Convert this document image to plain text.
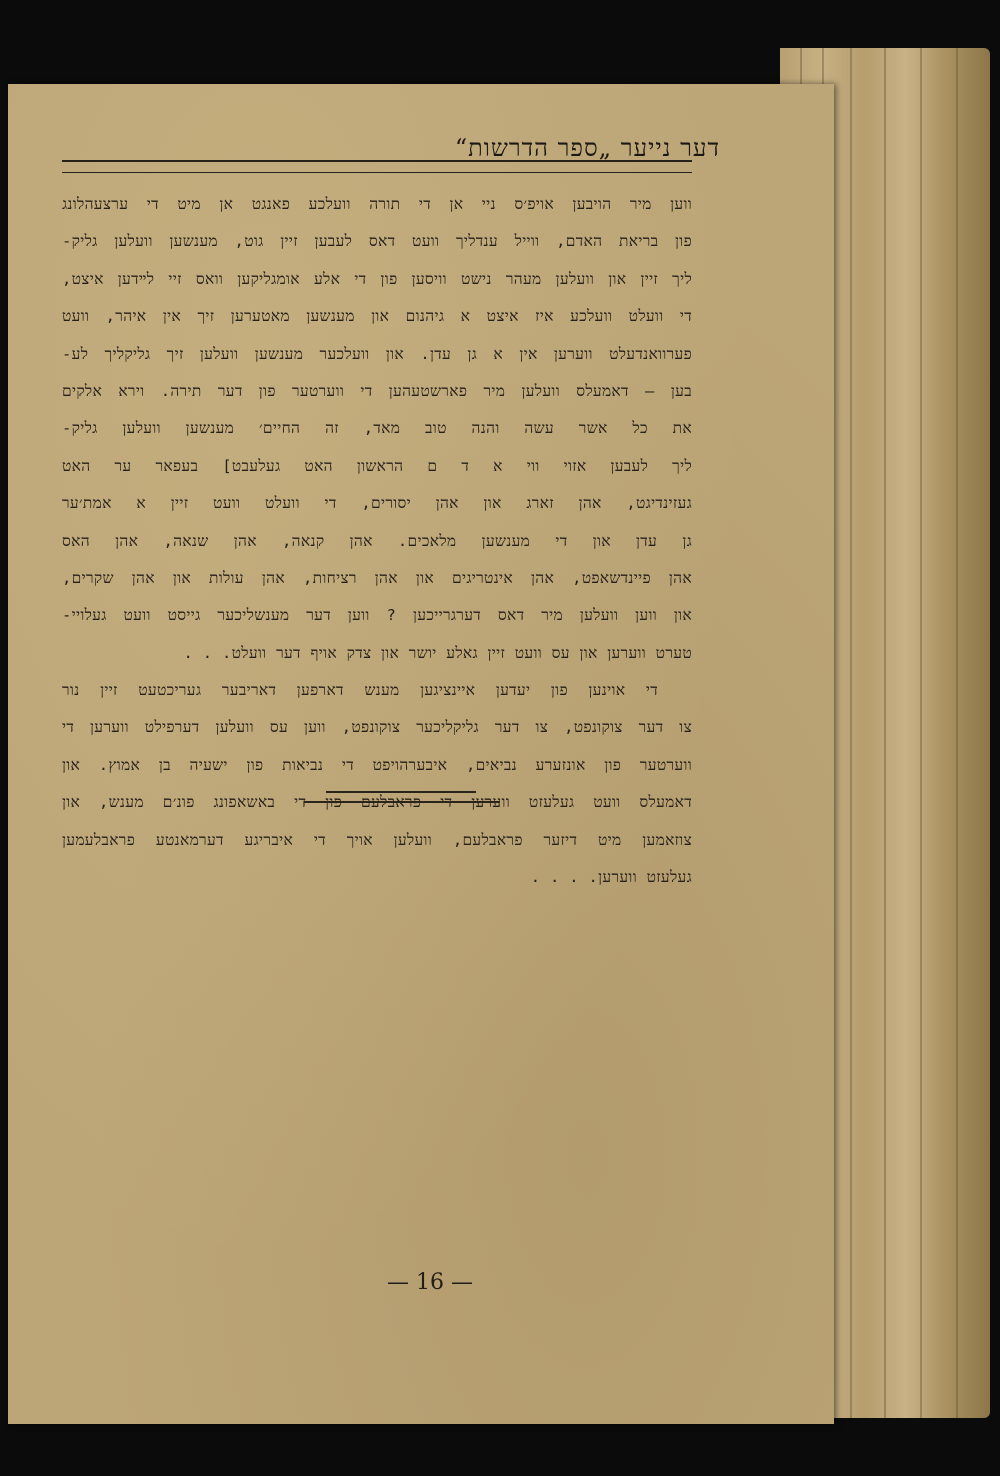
דער נייער „ספר הדרשות“
ווען מיר הויבען אויפ׳ס ניי אן די תורה וועלכע פאנגט אן מיט די ערצעהלונג
פון בריאת האדם, ווייל ענדליך וועט דאס לעבען זיין גוט, מענשען וועלען גליק-
ליך זיין און וועלען מעהר נישט וויסען פון די אלע אומגליקען וואס זיי לײדען איצט,
די וועלט וועלכע איז איצט א גיהנום און מענשען מאטערען זיך אין איהר, וועט
פערוואנדעלט ווערען אין א גן עדן. און וועלכער מענשען וועלען זיך גליקליך לע-
בען — דאמעלס וועלען מיר פארשטעהען די ווערטער פון דער תירה. וירא אלקים
את כל אשר עשה והנה טוב מאד, זה החיים׳ מענשען וועלען גליק-
ליך לעבען אזוי ווי א ד ם הראשון האט געלעבט] בעפאר ער האט
געזינדיגט, אהן זארג און אהן יסורים, די וועלט וועט זיין א אמת׳ער
גן עדן און די מענשען מלאכים. אהן קנאה, אהן שנאה, אהן האס
אהן פיינדשאפט, אהן אינטריגים און אהן רציחות, אהן עולות און אהן שקרים,
און ווען וועלען מיר דאס דערגרייכען ? ווען דער מענשליכער גייסט וועט געלויי-
טערט ווערען און עס וועט זיין גאלע יושר און צדק אויף דער וועלט. . .
די אוינען פון יעדען איינציגען מענש דארפען דאריבער געריכטעט זיין נור
צו דער צוקונפט, צו דער גליקליכער צוקונפט, ווען עס וועלען דערפילט ווערען די
ווערטער פון אונזערע נביאים, איבערהויפט די נביאות פון ישעיה בן אמוץ. און
דאמעלס וועט געלעזט ווערען די פראבלעם פון די באשאפונג פונ׳ם מענש, און
צוזאמען מיט דיזער פראבלעם, וועלען אויך די איבריגע דערמאנטע פראבלעמען
געלעזט ווערען. . . .
— 16 —
